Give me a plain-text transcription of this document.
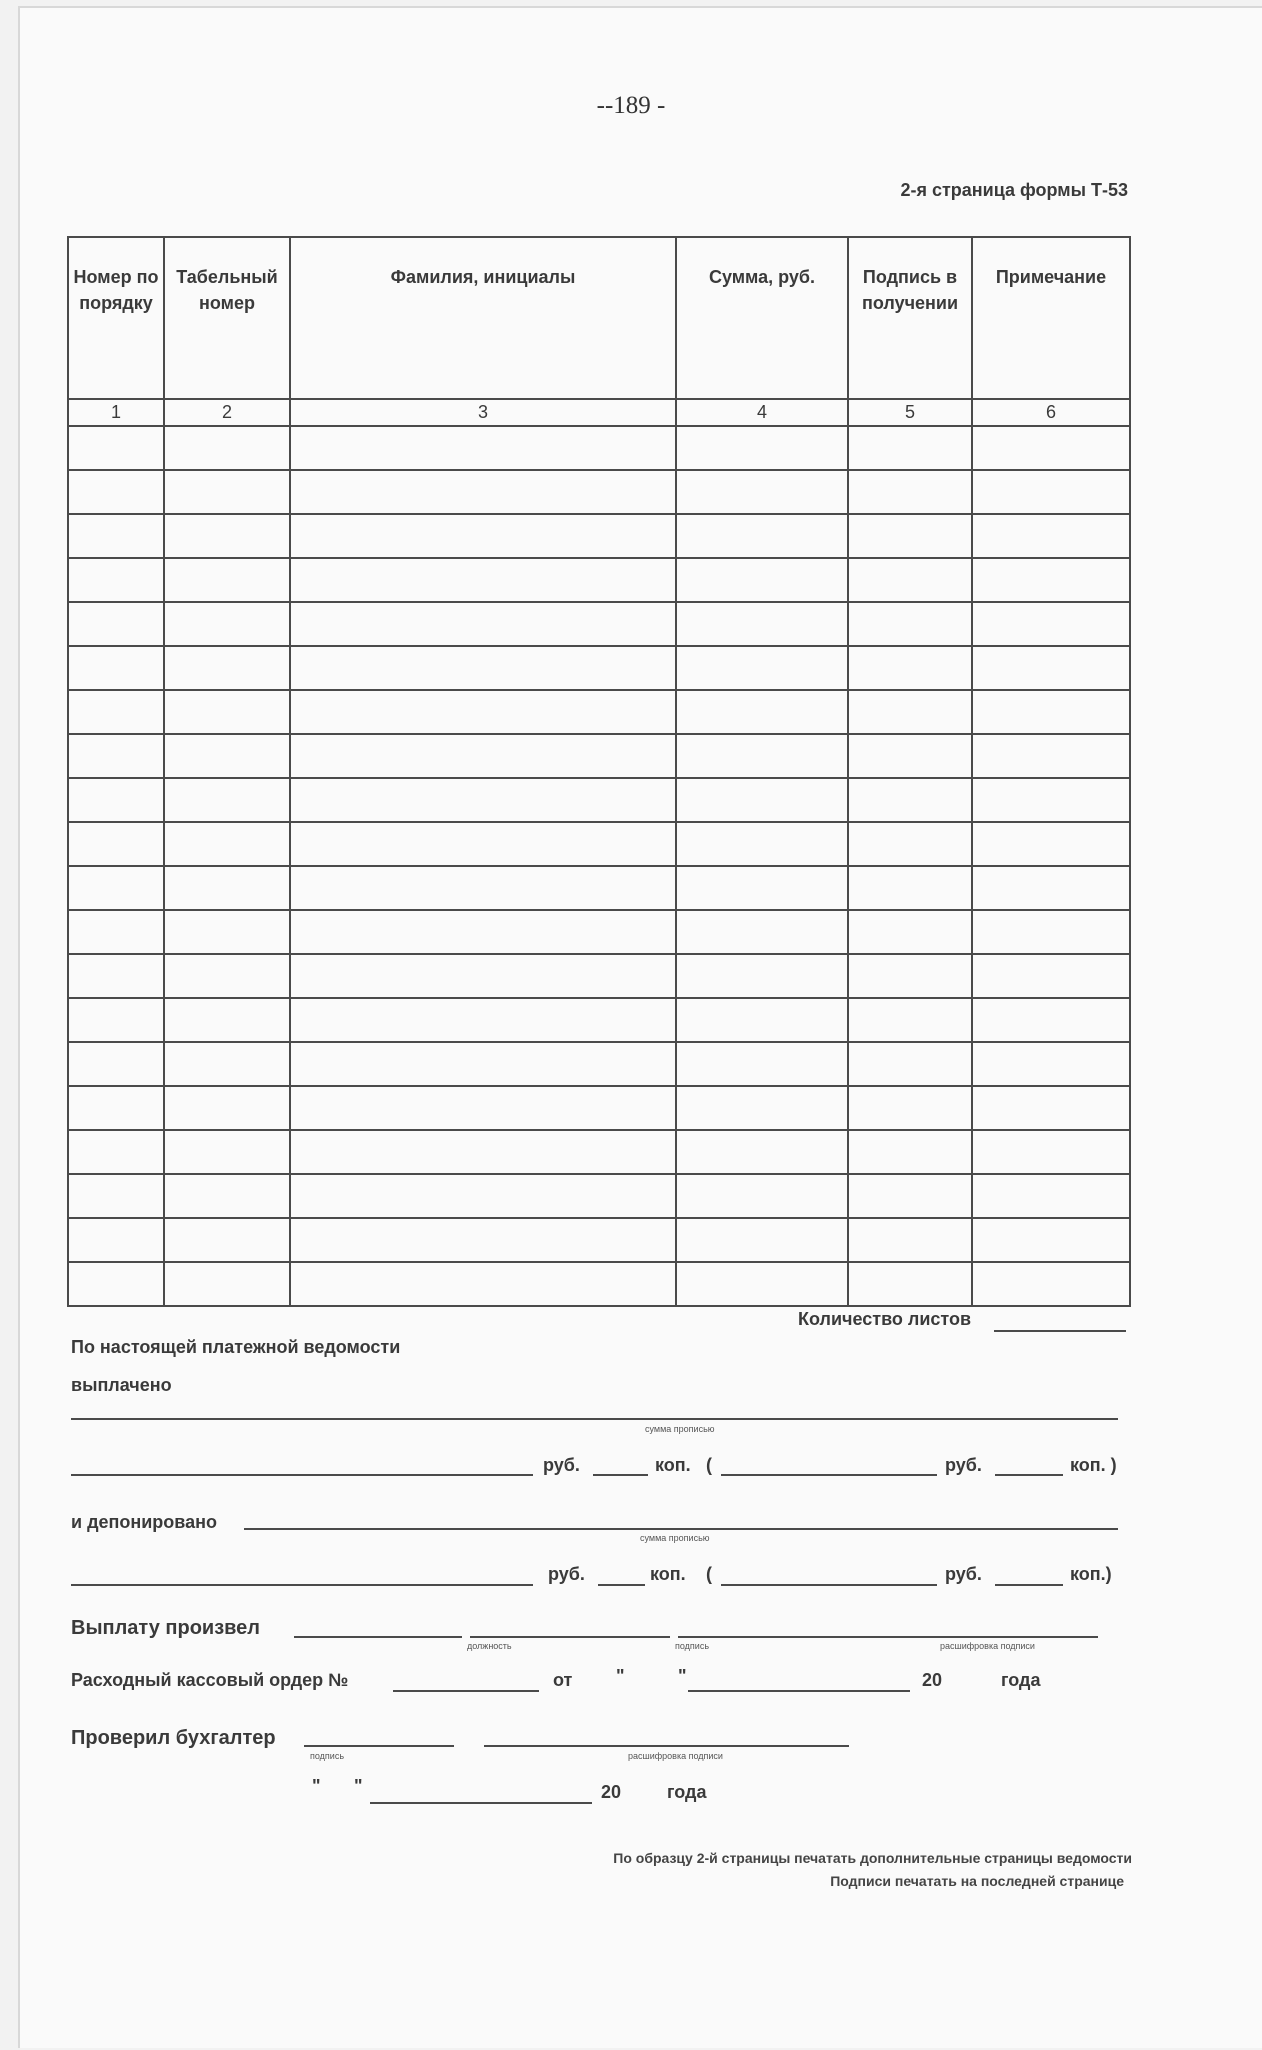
--189 -
2-я страница формы Т-53
Номер по порядку	Табельный номер	Фамилия, инициалы	Сумма, руб.	Подпись в получении	Примечание
1	2	3	4	5	6

Количество листов
По настоящей платежной ведомости
выплачено
сумма прописью
руб.	коп. (	руб.	коп. )
и депонировано
сумма прописью
руб.	коп. (	руб.	коп.)
Выплату произвел
должность	подпись	расшифровка подписи
Расходный кассовый ордер №	от "	"	20	года
Проверил бухгалтер
подпись	расшифровка подписи
" "	20	года
По образцу 2-й страницы печатать дополнительные страницы ведомости
Подписи печатать на последней странице
